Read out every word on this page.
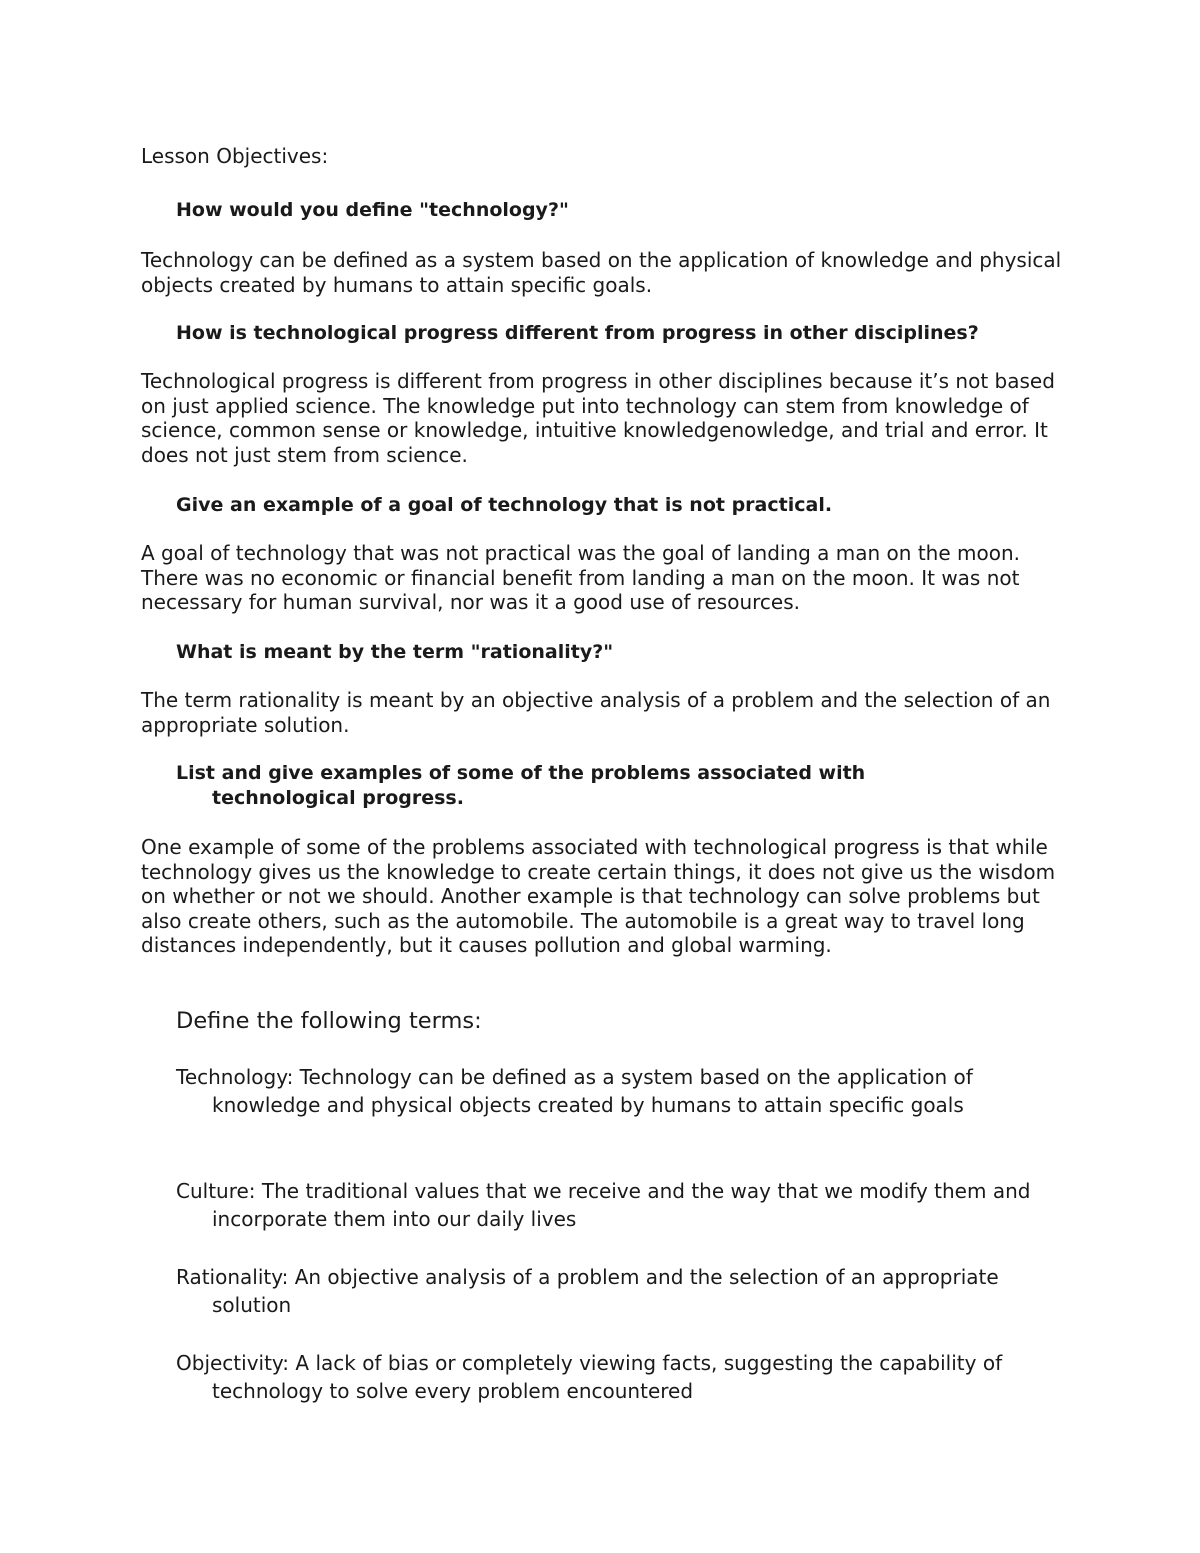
Lesson Objectives:

How would you define "technology?"

Technology can be defined as a system based on the application of knowledge and physical objects created by humans to attain specific goals.

How is technological progress different from progress in other disciplines?

Technological progress is different from progress in other disciplines because it’s not based on just applied science. The knowledge put into technology can stem from knowledge of science, common sense or knowledge, intuitive knowledgenowledge, and trial and error. It does not just stem from science.

Give an example of a goal of technology that is not practical.

A goal of technology that was not practical was the goal of landing a man on the moon. There was no economic or financial benefit from landing a man on the moon. It was not necessary for human survival, nor was it a good use of resources.

What is meant by the term "rationality?"

The term rationality is meant by an objective analysis of a problem and the selection of an appropriate solution.

List and give examples of some of the problems associated with technological progress.

One example of some of the problems associated with technological progress is that while technology gives us the knowledge to create certain things, it does not give us the wisdom on whether or not we should. Another example is that technology can solve problems but also create others, such as the automobile. The automobile is a great way to travel long distances independently, but it causes pollution and global warming.

Define the following terms:

Technology: Technology can be defined as a system based on the application of knowledge and physical objects created by humans to attain specific goals

Culture: The traditional values that we receive and the way that we modify them and incorporate them into our daily lives

Rationality: An objective analysis of a problem and the selection of an appropriate solution

Objectivity: A lack of bias or completely viewing facts, suggesting the capability of technology to solve every problem encountered
